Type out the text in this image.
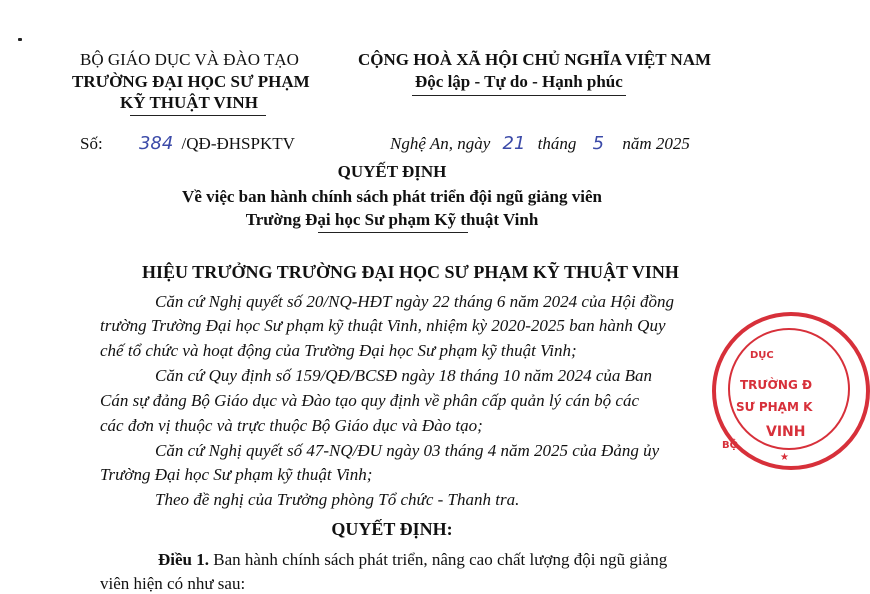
BỘ GIÁO DỤC VÀ ĐÀO TẠO
TRƯỜNG ĐẠI HỌC SƯ PHẠM
KỸ THUẬT VINH
CỘNG HOÀ XÃ HỘI CHỦ NGHĨA VIỆT NAM
Độc lập - Tự do - Hạnh phúc
Số: 384 /QĐ-ĐHSPKTV	Nghệ An, ngày 21 tháng 5 năm 2025
QUYẾT ĐỊNH
Về việc ban hành chính sách phát triển đội ngũ giảng viên
Trường Đại học Sư phạm Kỹ thuật Vinh
HIỆU TRƯỞNG TRƯỜNG ĐẠI HỌC SƯ PHẠM KỸ THUẬT VINH
Căn cứ Nghị quyết số 20/NQ-HĐT ngày 22 tháng 6 năm 2024 của Hội đồng
trường Trường Đại học Sư phạm kỹ thuật Vinh, nhiệm kỳ 2020-2025 ban hành Quy
chế tổ chức và hoạt động của Trường Đại học Sư phạm kỹ thuật Vinh;
Căn cứ Quy định số 159/QĐ/BCSĐ ngày 18 tháng 10 năm 2024 của Ban
Cán sự đảng Bộ Giáo dục và Đào tạo quy định về phân cấp quản lý cán bộ các
các đơn vị thuộc và trực thuộc Bộ Giáo dục và Đào tạo;
Căn cứ Nghị quyết số 47-NQ/ĐU ngày 03 tháng 4 năm 2025 của Đảng ủy
Trường Đại học Sư phạm kỹ thuật Vinh;
Theo đề nghị của Trưởng phòng Tổ chức - Thanh tra.
QUYẾT ĐỊNH:
Điều 1. Ban hành chính sách phát triển, nâng cao chất lượng đội ngũ giảng
viên hiện có như sau:
DỤC
TRƯỜNG Đ
SƯ PHẠM K
VINH
BỘ
★
